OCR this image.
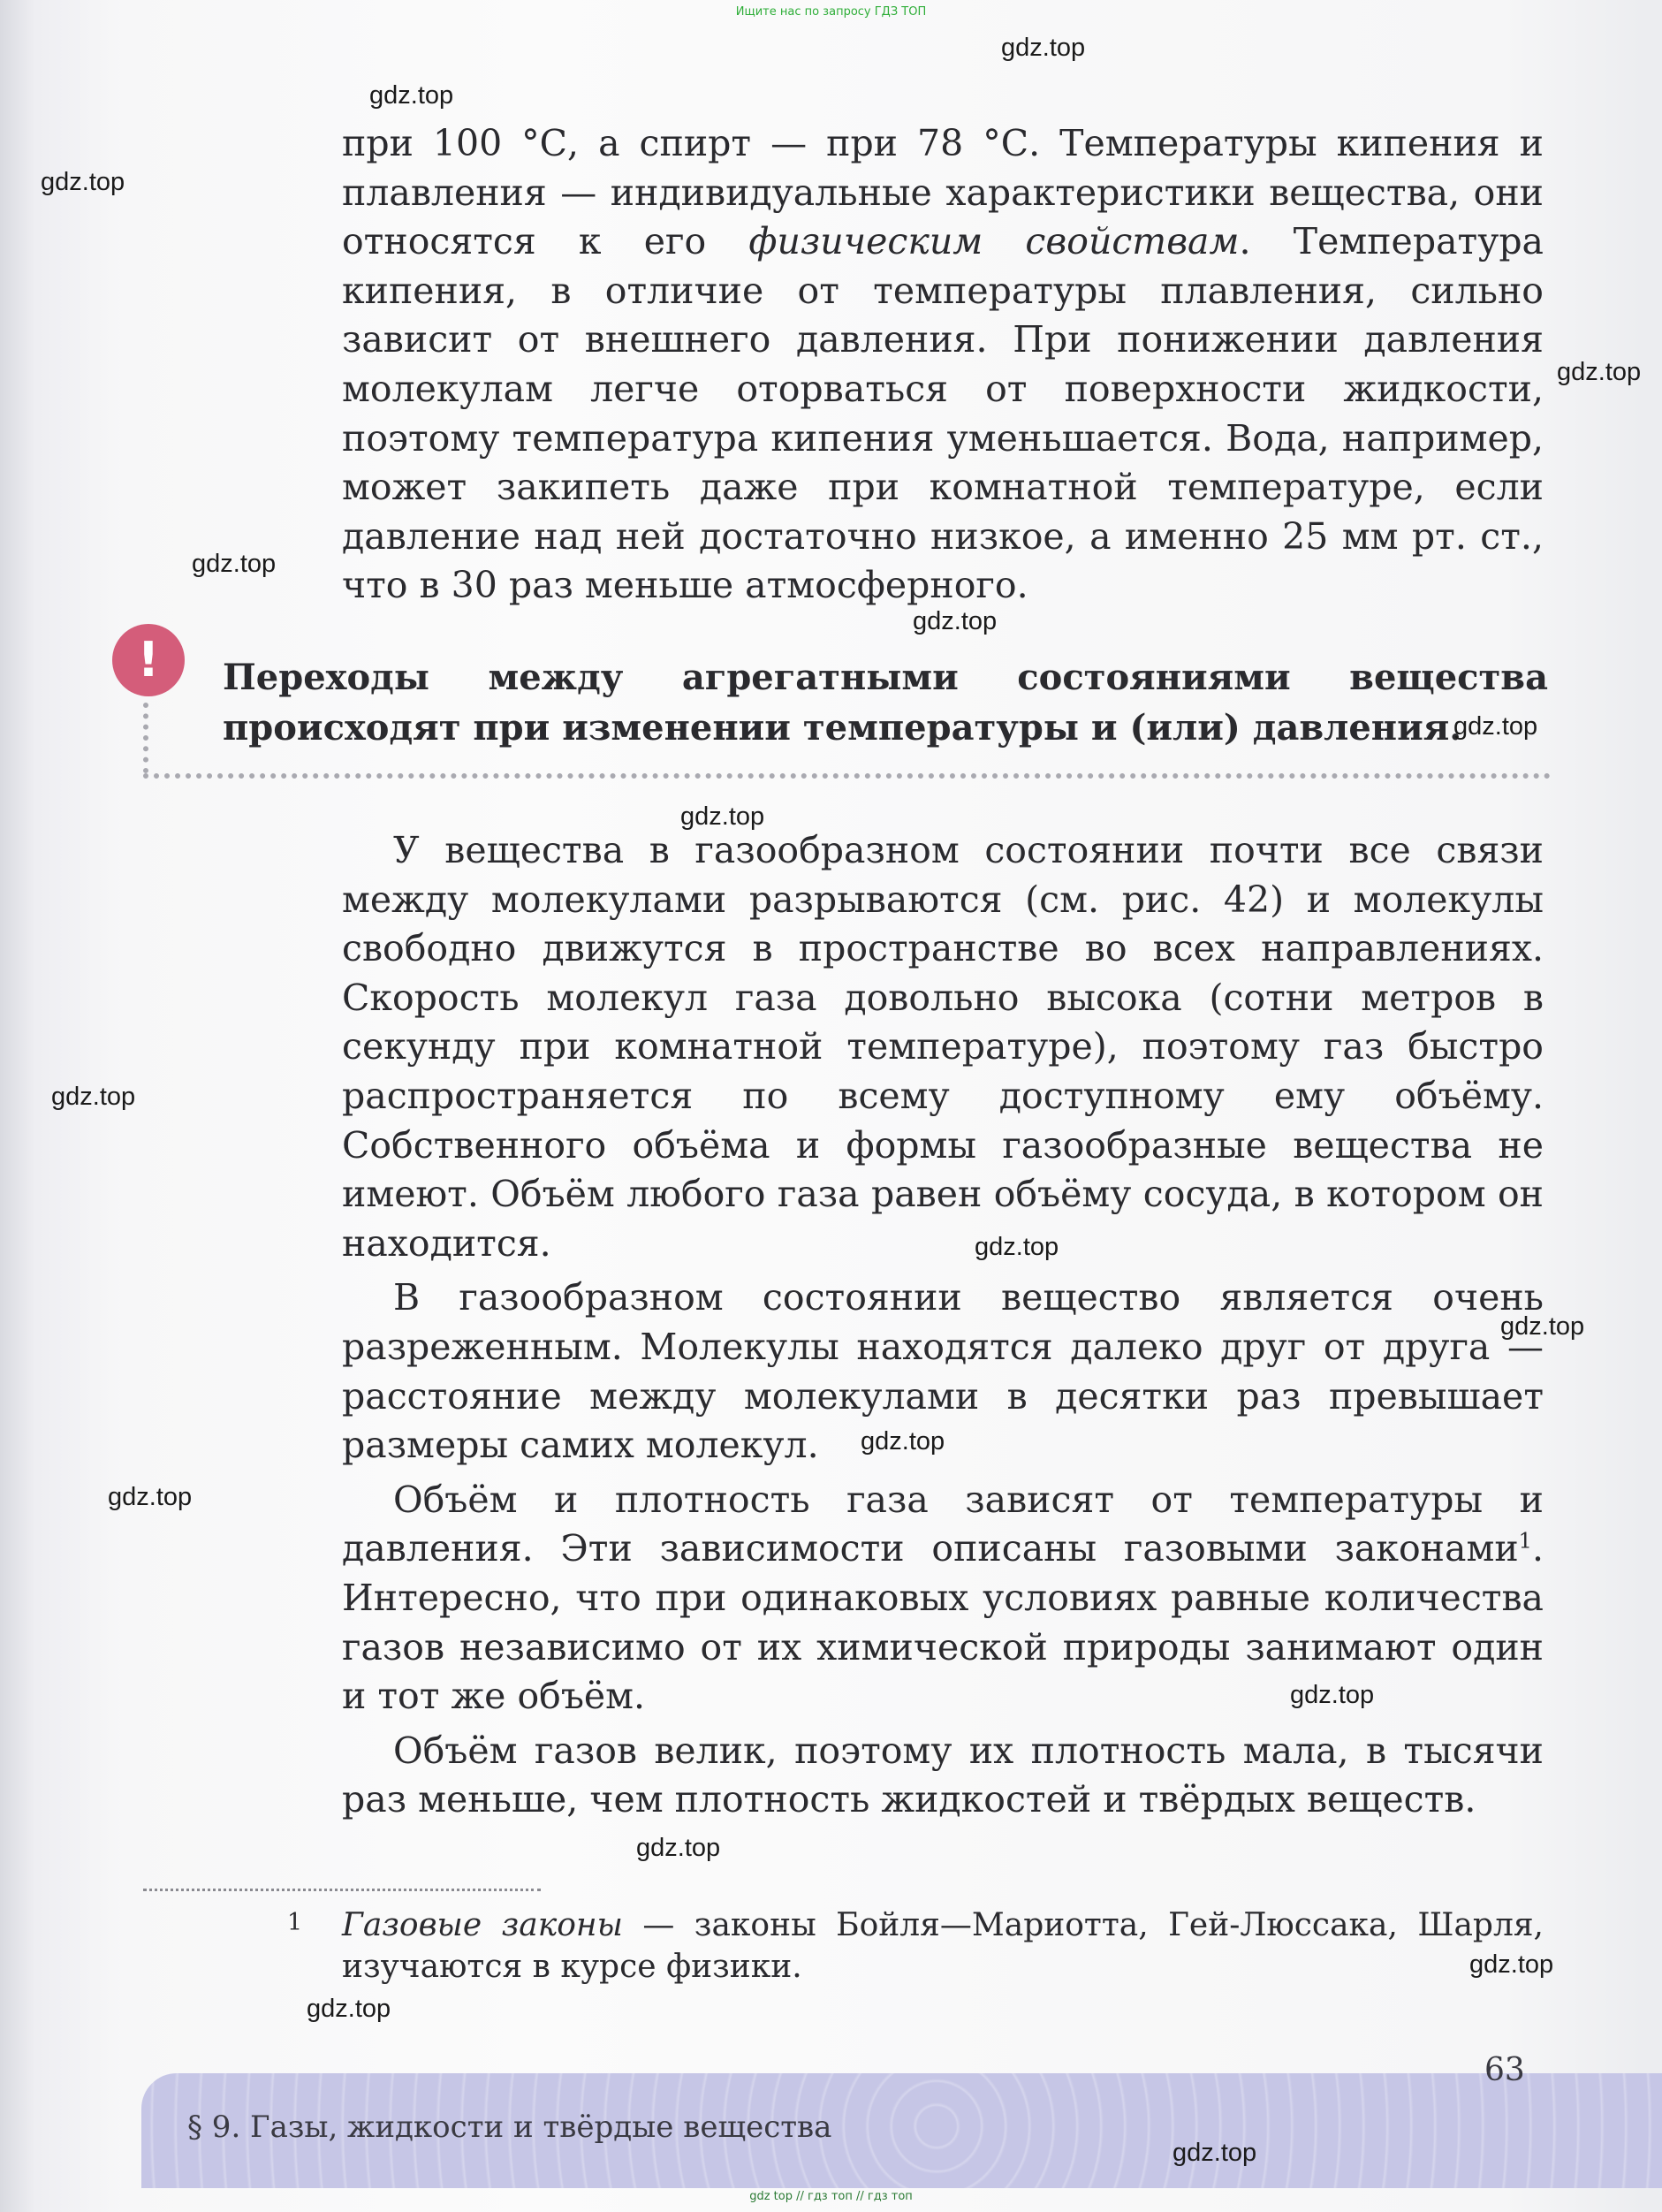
Ищите нас по запросу ГДЗ ТОП

при 100 °С, а спирт — при 78 °С. Температуры кипения и плавления — индивидуальные характеристики вещества, они относятся к его физическим свойствам. Температура кипения, в отличие от температуры плавления, сильно зависит от внешнего давления. При понижении давления молекулам легче оторваться от поверхности жидкости, поэтому температура кипения уменьшается. Вода, например, может закипеть даже при комнатной температуре, если давление над ней достаточно низкое, а именно 25 мм рт. ст., что в 30 раз меньше атмосферного.

!	Переходы между агрегатными состояниями вещества происходят при изменении температуры и (или) давления.

У вещества в газообразном состоянии почти все связи между молекулами разрываются (см. рис. 42) и молекулы свободно движутся в пространстве во всех направлениях. Скорость молекул газа довольно высока (сотни метров в секунду при комнатной температуре), поэтому газ быстро распространяется по всему доступному ему объёму. Собственного объёма и формы газообразные вещества не имеют. Объём любого газа равен объёму сосуда, в котором он находится.

В газообразном состоянии вещество является очень разреженным. Молекулы находятся далеко друг от друга — расстояние между молекулами в десятки раз превышает размеры самих молекул.

Объём и плотность газа зависят от температуры и давления. Эти зависимости описаны газовыми законами$^1$. Интересно, что при одинаковых условиях равные количества газов независимо от их химической природы занимают один и тот же объём.

Объём газов велик, поэтому их плотность мала, в тысячи раз меньше, чем плотность жидкостей и твёрдых веществ.

1 Газовые законы — законы Бойля—Мариотта, Гей-Люссака, Шарля, изучаются в курсе физики.
63
§ 9. Газы, жидкости и твёрдые вещества
gdz.top
gdz.top
gdz.top
gdz.top
gdz.top
gdz.top
gdz.top
gdz.top
gdz.top
gdz.top
gdz.top
gdz.top
gdz.top
gdz.top
gdz.top
gdz.top
gdz.top
gdz.top
gdz top // гдз топ // гдз топ
